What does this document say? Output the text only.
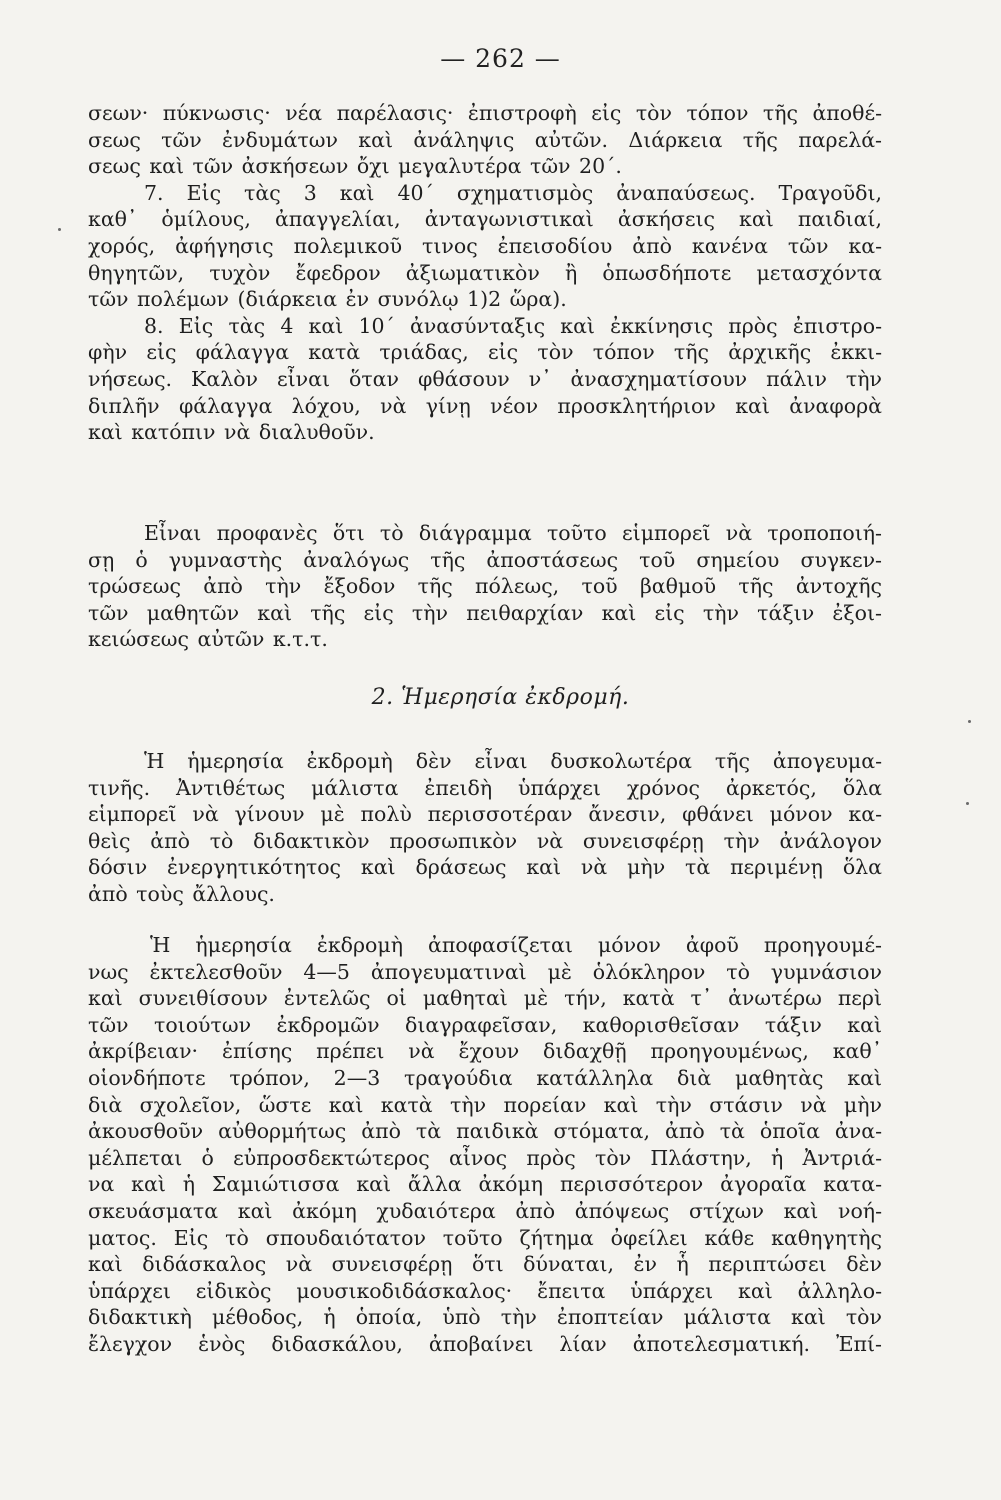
— 262 —
σεων· πύκνωσις· νέα παρέλασις· ἐπιστροφὴ εἰς τὸν τόπον τῆς ἀποθέ-
σεως τῶν ἐνδυμάτων καὶ ἀνάληψις αὐτῶν. Διάρκεια τῆς παρελά-
σεως καὶ τῶν ἀσκήσεων ὄχι μεγαλυτέρα τῶν 20΄.
7. Εἰς τὰς 3 καὶ 40΄ σχηματισμὸς ἀναπαύσεως. Τραγοῦδι,
καθ᾽ ὁμίλους, ἀπαγγελίαι, ἀνταγωνιστικαὶ ἀσκήσεις καὶ παιδιαί,
χορός, ἀφήγησις πολεμικοῦ τινος ἐπεισοδίου ἀπὸ κανένα τῶν κα-
θηγητῶν, τυχὸν ἔφεδρον ἀξιωματικὸν ἢ ὁπωσδήποτε μετασχόντα
τῶν πολέμων (διάρκεια ἐν συνόλῳ 1)2 ὥρα).
8. Εἰς τὰς 4 καὶ 10΄ ἀνασύνταξις καὶ ἐκκίνησις πρὸς ἐπιστρο-
φὴν εἰς φάλαγγα κατὰ τριάδας, εἰς τὸν τόπον τῆς ἀρχικῆς ἐκκι-
νήσεως. Καλὸν εἶναι ὅταν φθάσουν ν᾽ ἀνασχηματίσουν πάλιν τὴν
διπλῆν φάλαγγα λόχου, νὰ γίνῃ νέον προσκλητήριον καὶ ἀναφορὰ
καὶ κατόπιν νὰ διαλυθοῦν.
Εἶναι προφανὲς ὅτι τὸ διάγραμμα τοῦτο εἱμπορεῖ νὰ τροποποιή-
σῃ ὁ γυμναστὴς ἀναλόγως τῆς ἀποστάσεως τοῦ σημείου συγκεν-
τρώσεως ἀπὸ τὴν ἔξοδον τῆς πόλεως, τοῦ βαθμοῦ τῆς ἀντοχῆς
τῶν μαθητῶν καὶ τῆς εἰς τὴν πειθαρχίαν καὶ εἰς τὴν τάξιν ἐξοι-
κειώσεως αὐτῶν κ.τ.τ.
2. Ἡμερησία ἐκδρομή.
Ἡ ἡμερησία ἐκδρομὴ δὲν εἶναι δυσκολωτέρα τῆς ἀπογευμα-
τινῆς. Ἀντιθέτως μάλιστα ἐπειδὴ ὑπάρχει χρόνος ἀρκετός, ὅλα
εἱμπορεῖ νὰ γίνουν μὲ πολὺ περισσοτέραν ἄνεσιν, φθάνει μόνον κα-
θεὶς ἀπὸ τὸ διδακτικὸν προσωπικὸν νὰ συνεισφέρῃ τὴν ἀνάλογον
δόσιν ἐνεργητικότητος καὶ δράσεως καὶ νὰ μὴν τὰ περιμένῃ ὅλα
ἀπὸ τοὺς ἄλλους.
Ἡ ἡμερησία ἐκδρομὴ ἀποφασίζεται μόνον ἀφοῦ προηγουμέ-
νως ἐκτελεσθοῦν 4—5 ἀπογευματιναὶ μὲ ὁλόκληρον τὸ γυμνάσιον
καὶ συνειθίσουν ἐντελῶς οἱ μαθηταὶ μὲ τήν, κατὰ τ᾽ ἀνωτέρω περὶ
τῶν τοιούτων ἐκδρομῶν διαγραφεῖσαν, καθορισθεῖσαν τάξιν καὶ
ἀκρίβειαν· ἐπίσης πρέπει νὰ ἔχουν διδαχθῇ προηγουμένως, καθ᾽
οἱονδήποτε τρόπον, 2—3 τραγούδια κατάλληλα διὰ μαθητὰς καὶ
διὰ σχολεῖον, ὥστε καὶ κατὰ τὴν πορείαν καὶ τὴν στάσιν νὰ μὴν
ἀκουσθοῦν αὐθορμήτως ἀπὸ τὰ παιδικὰ στόματα, ἀπὸ τὰ ὁποῖα ἀνα-
μέλπεται ὁ εὐπροσδεκτώτερος αἶνος πρὸς τὸν Πλάστην, ἡ Ἀντριά-
να καὶ ἡ Σαμιώτισσα καὶ ἄλλα ἀκόμη περισσότερον ἀγοραῖα κατα-
σκευάσματα καὶ ἀκόμη χυδαιότερα ἀπὸ ἀπόψεως στίχων καὶ νοή-
ματος. Εἰς τὸ σπουδαιότατον τοῦτο ζήτημα ὀφείλει κάθε καθηγητὴς
καὶ διδάσκαλος νὰ συνεισφέρῃ ὅτι δύναται, ἐν ἧ περιπτώσει δὲν
ὑπάρχει εἰδικὸς μουσικοδιδάσκαλος· ἔπειτα ὑπάρχει καὶ ἀλληλο-
διδακτικὴ μέθοδος, ἡ ὁποία, ὑπὸ τὴν ἐποπτείαν μάλιστα καὶ τὸν
ἔλεγχον ἑνὸς διδασκάλου, ἀποβαίνει λίαν ἀποτελεσματική. Ἐπί-
